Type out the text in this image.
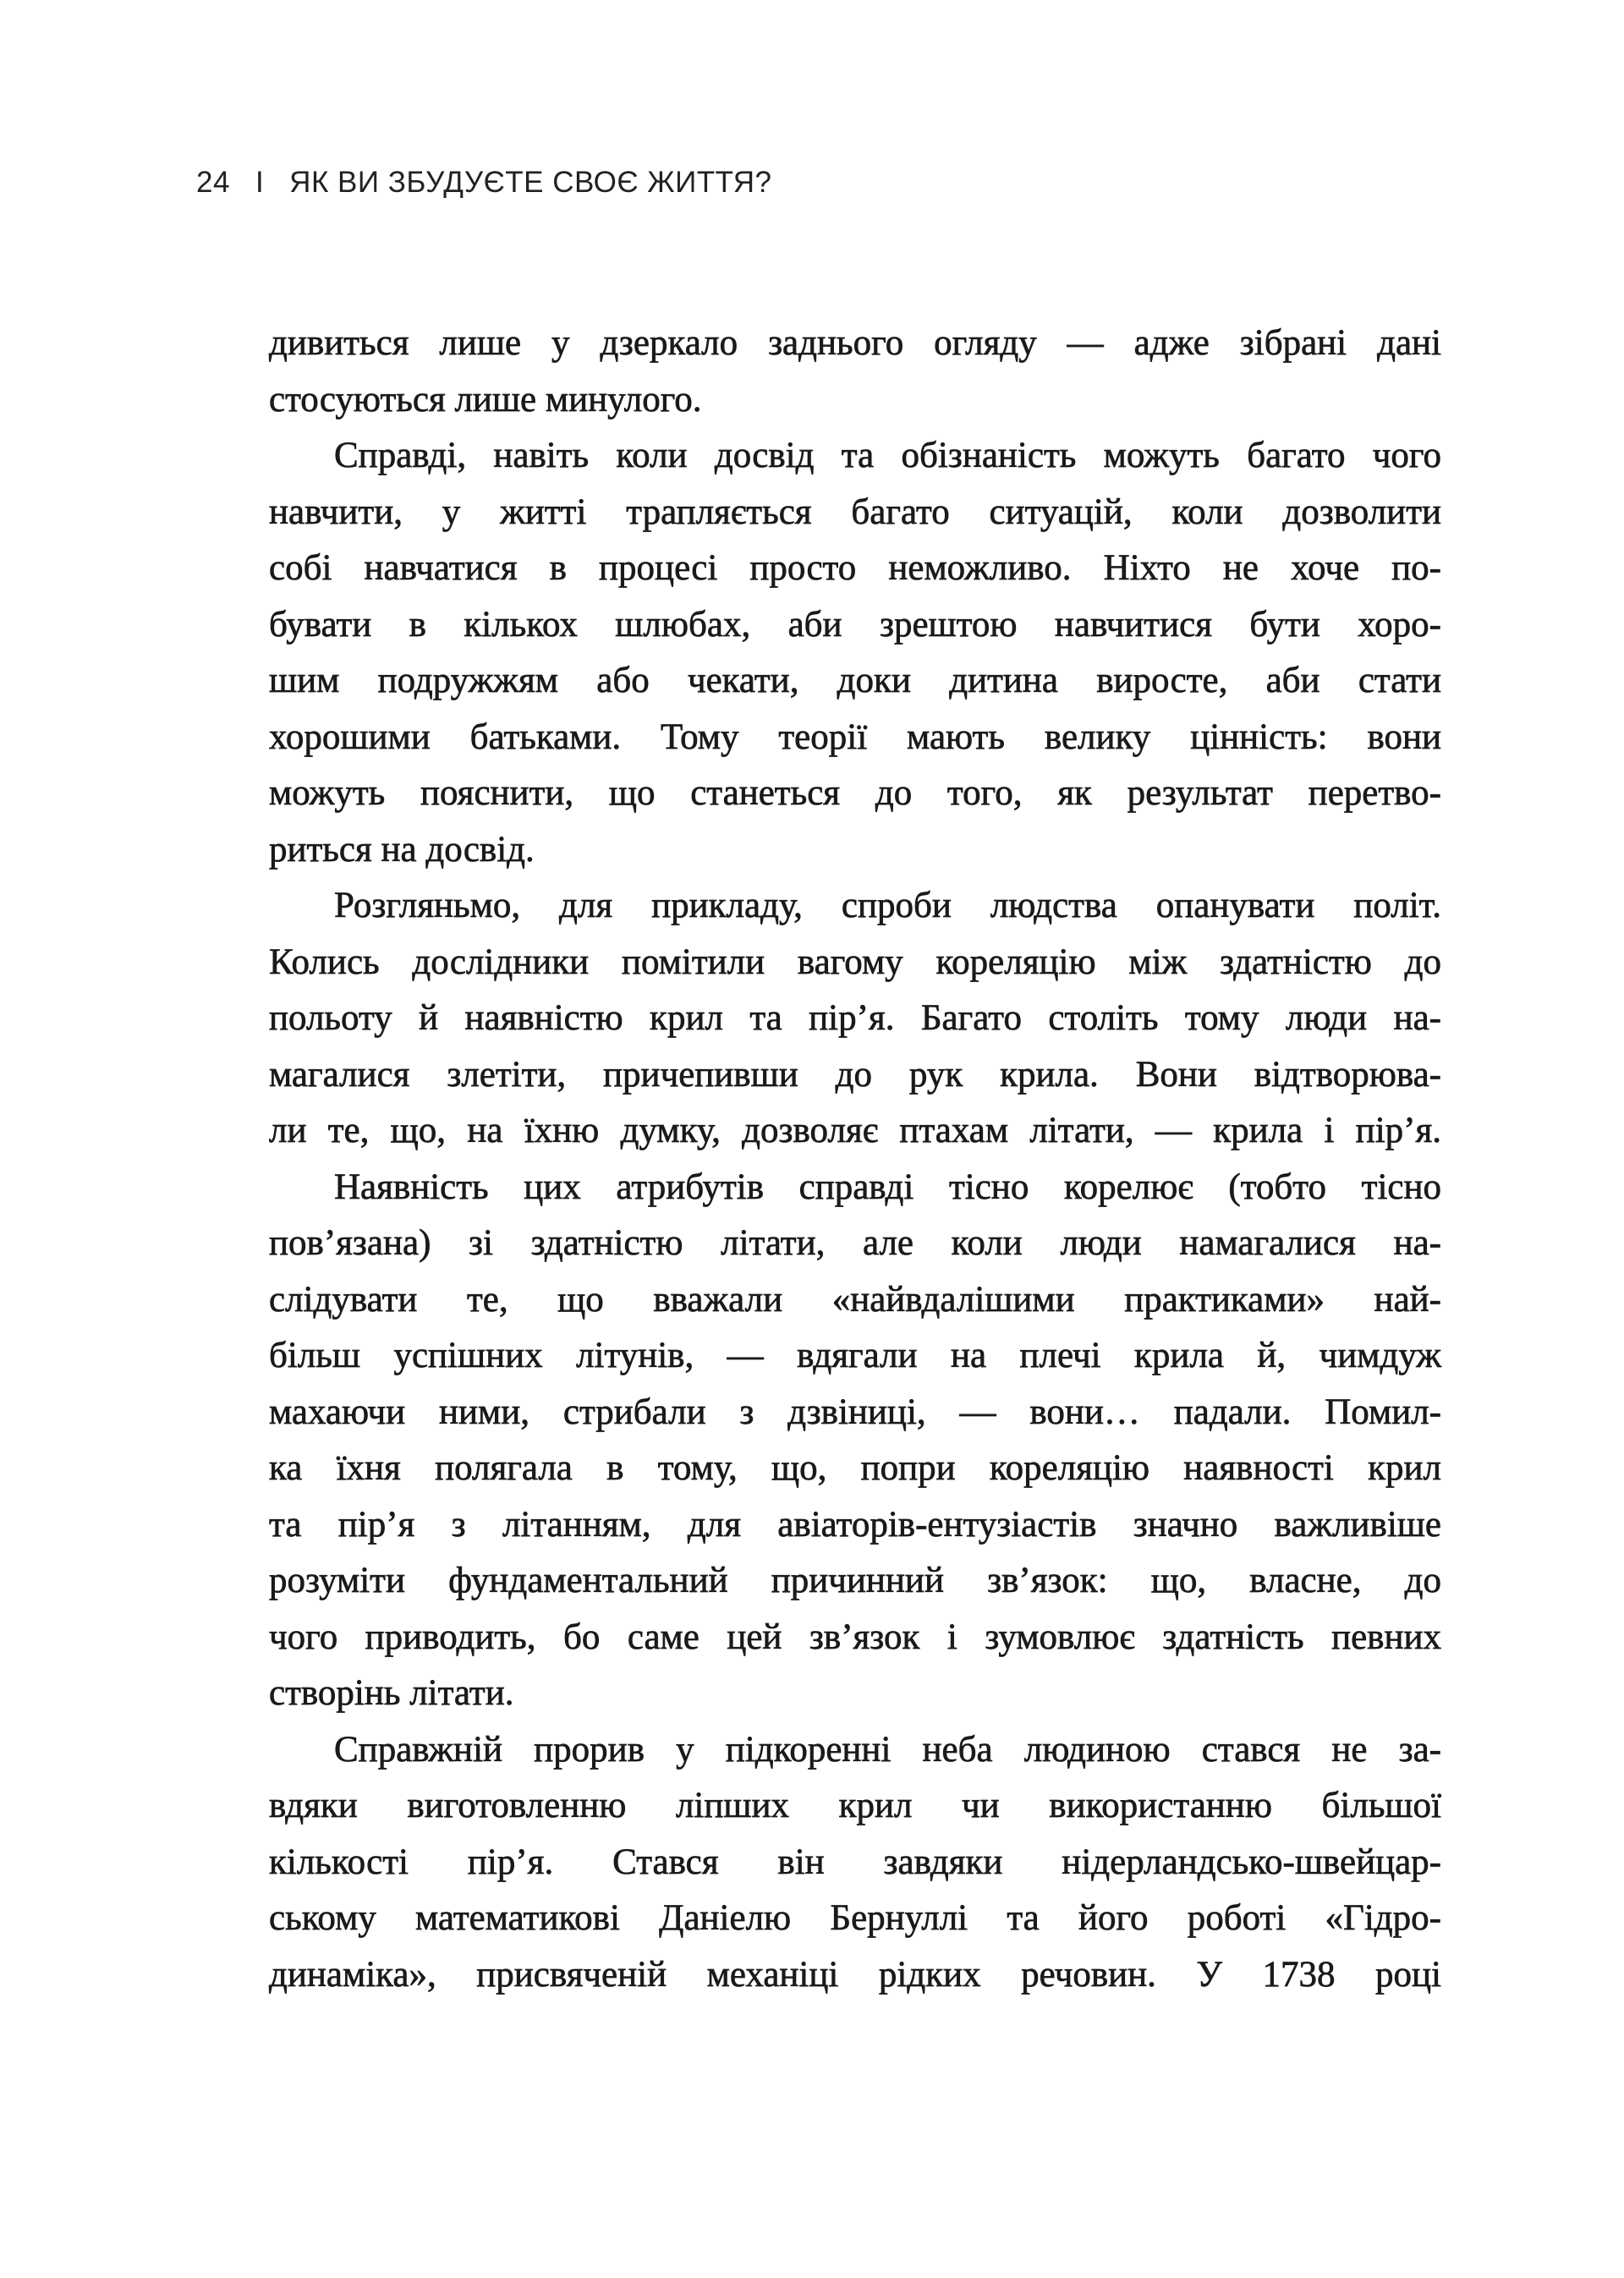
24 I ЯК ВИ ЗБУДУЄТЕ СВОЄ ЖИТТЯ?
дивиться лише у дзеркало заднього огляду — адже зібрані дані
стосуються лише минулого.
Справді, навіть коли досвід та обізнаність можуть багато чого
навчити, у житті трапляється багато ситуацій, коли дозволити
собі навчатися в процесі просто неможливо. Ніхто не хоче по-
бувати в кількох шлюбах, аби зрештою навчитися бути хоро-
шим подружжям або чекати, доки дитина виросте, аби стати
хорошими батьками. Тому теорії мають велику цінність: вони
можуть пояснити, що станеться до того, як результат перетво-
риться на досвід.
Розгляньмо, для прикладу, спроби людства опанувати політ.
Колись дослідники помітили вагому кореляцію між здатністю до
польоту й наявністю крил та пір’я. Багато століть тому люди на-
магалися злетіти, причепивши до рук крила. Вони відтворюва-
ли те, що, на їхню думку, дозволяє птахам літати, — крила і пір’я.
Наявність цих атрибутів справді тісно корелює (тобто тісно
пов’язана) зі здатністю літати, але коли люди намагалися на-
слідувати те, що вважали «найвдалішими практиками» най-
більш успішних літунів, — вдягали на плечі крила й, чимдуж
махаючи ними, стрибали з дзвіниці, — вони… падали. Помил-
ка їхня полягала в тому, що, попри кореляцію наявності крил
та пір’я з літанням, для авіаторів-ентузіастів значно важливіше
розуміти фундаментальний причинний зв’язок: що, власне, до
чого приводить, бо саме цей зв’язок і зумовлює здатність певних
створінь літати.
Справжній прорив у підкоренні неба людиною стався не за-
вдяки виготовленню ліпших крил чи використанню більшої
кількості пір’я. Стався він завдяки нідерландсько-швейцар-
ському математикові Даніелю Бернуллі та його роботі «Гідро-
динаміка», присвяченій механіці рідких речовин. У 1738 році
